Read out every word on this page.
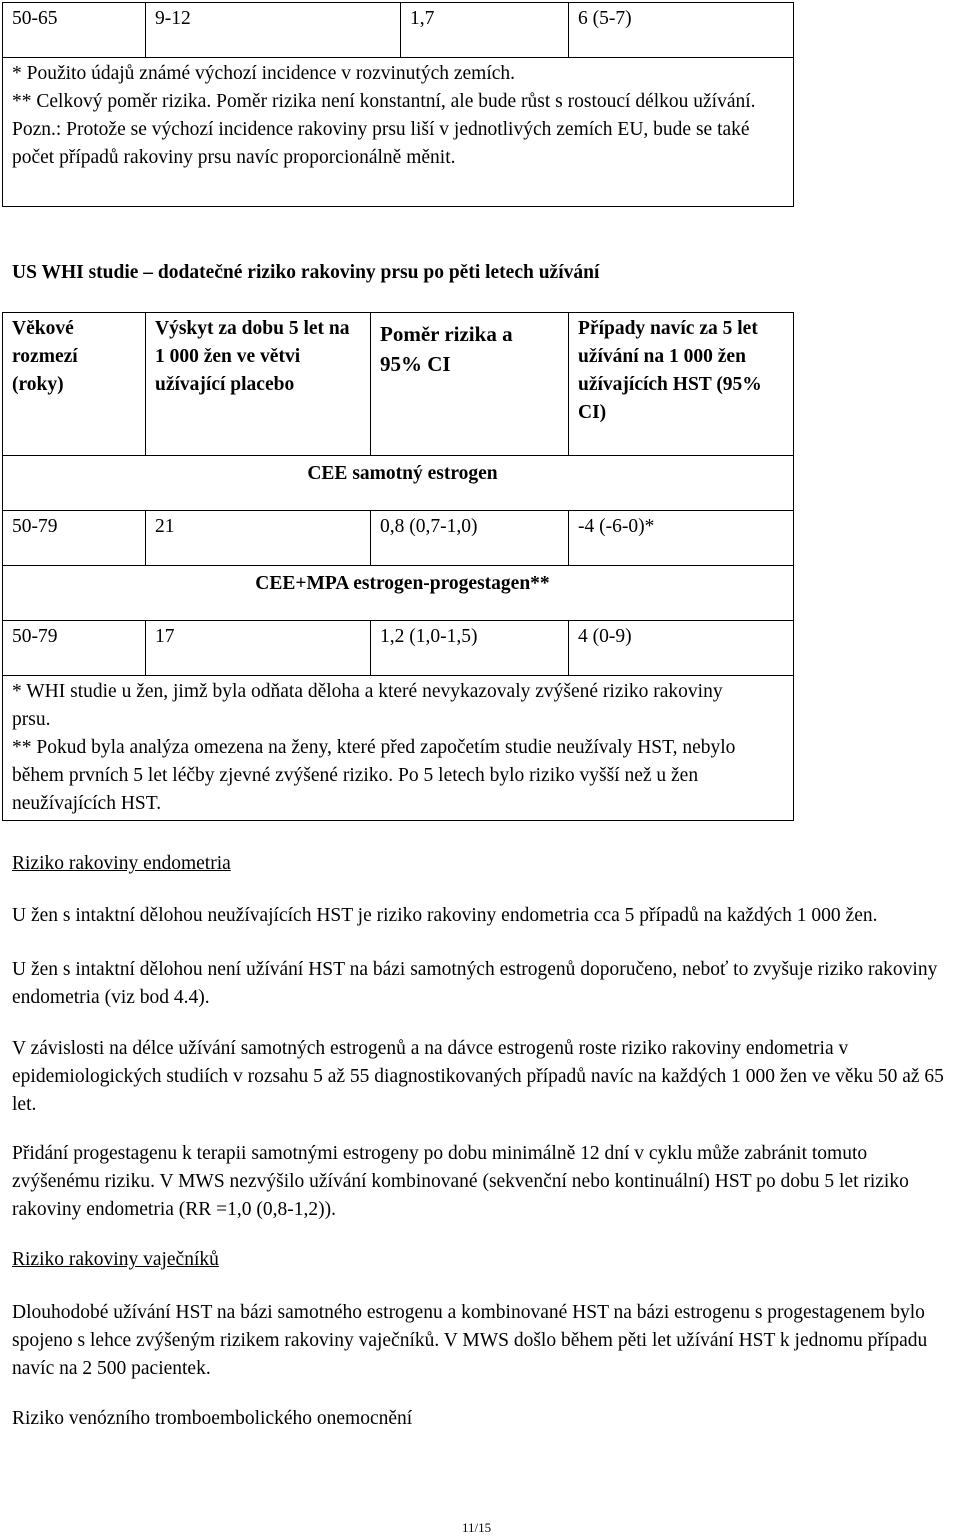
50-65	9-12	1,7	6 (5-7)

* Použito údajů známé výchozí incidence v rozvinutých zemích.

** Celkový poměr rizika. Poměr rizika není konstantní, ale bude růst s rostoucí délkou užívání.

Pozn.: Protože se výchozí incidence rakoviny prsu liší v jednotlivých zemích EU, bude se také počet případů rakoviny prsu navíc proporcionálně měnit.

US WHI studie – dodatečné riziko rakoviny prsu po pěti letech užívání

Věkové rozmezí (roky)	Výskyt za dobu 5 let na 1 000 žen ve větvi užívající placebo	Poměr rizika a 95% CI	Případy navíc za 5 let užívání na 1 000 žen užívajících HST (95% CI)
CEE samotný estrogen			
50-79	21	0,8 (0,7-1,0)	-4 (-6-0)*
CEE+MPA estrogen-progestagen**			
50-79	17	1,2 (1,0-1,5)	4 (0-9)

* WHI studie u žen, jimž byla odňata děloha a které nevykazovaly zvýšené riziko rakoviny prsu.

** Pokud byla analýza omezena na ženy, které před započetím studie neužívaly HST, nebylo během prvních 5 let léčby zjevné zvýšené riziko. Po 5 letech bylo riziko vyšší než u žen neužívajících HST.			

Riziko rakoviny endometria

U žen s intaktní dělohou neužívajících HST je riziko rakoviny endometria cca 5 případů na každých 1 000 žen.

U žen s intaktní dělohou není užívání HST na bázi samotných estrogenů doporučeno, neboť to zvyšuje riziko rakoviny endometria (viz bod 4.4).

V závislosti na délce užívání samotných estrogenů a na dávce estrogenů roste riziko rakoviny endometria v epidemiologických studiích v rozsahu 5 až 55 diagnostikovaných případů navíc na každých 1 000 žen ve věku 50 až 65 let.

Přidání progestagenu k terapii samotnými estrogeny po dobu minimálně 12 dní v cyklu může zabránit tomuto zvýšenému riziku. V MWS nezvýšilo užívání kombinované (sekvenční nebo kontinuální) HST po dobu 5 let riziko rakoviny endometria (RR =1,0 (0,8-1,2)).

Riziko rakoviny vaječníků

Dlouhodobé užívání HST na bázi samotného estrogenu a kombinované HST na bázi estrogenu s progestagenem bylo spojeno s lehce zvýšeným rizikem rakoviny vaječníků. V MWS došlo během pěti let užívání HST k jednomu případu navíc na 2 500 pacientek.

Riziko venózního tromboembolického onemocnění

11/15
